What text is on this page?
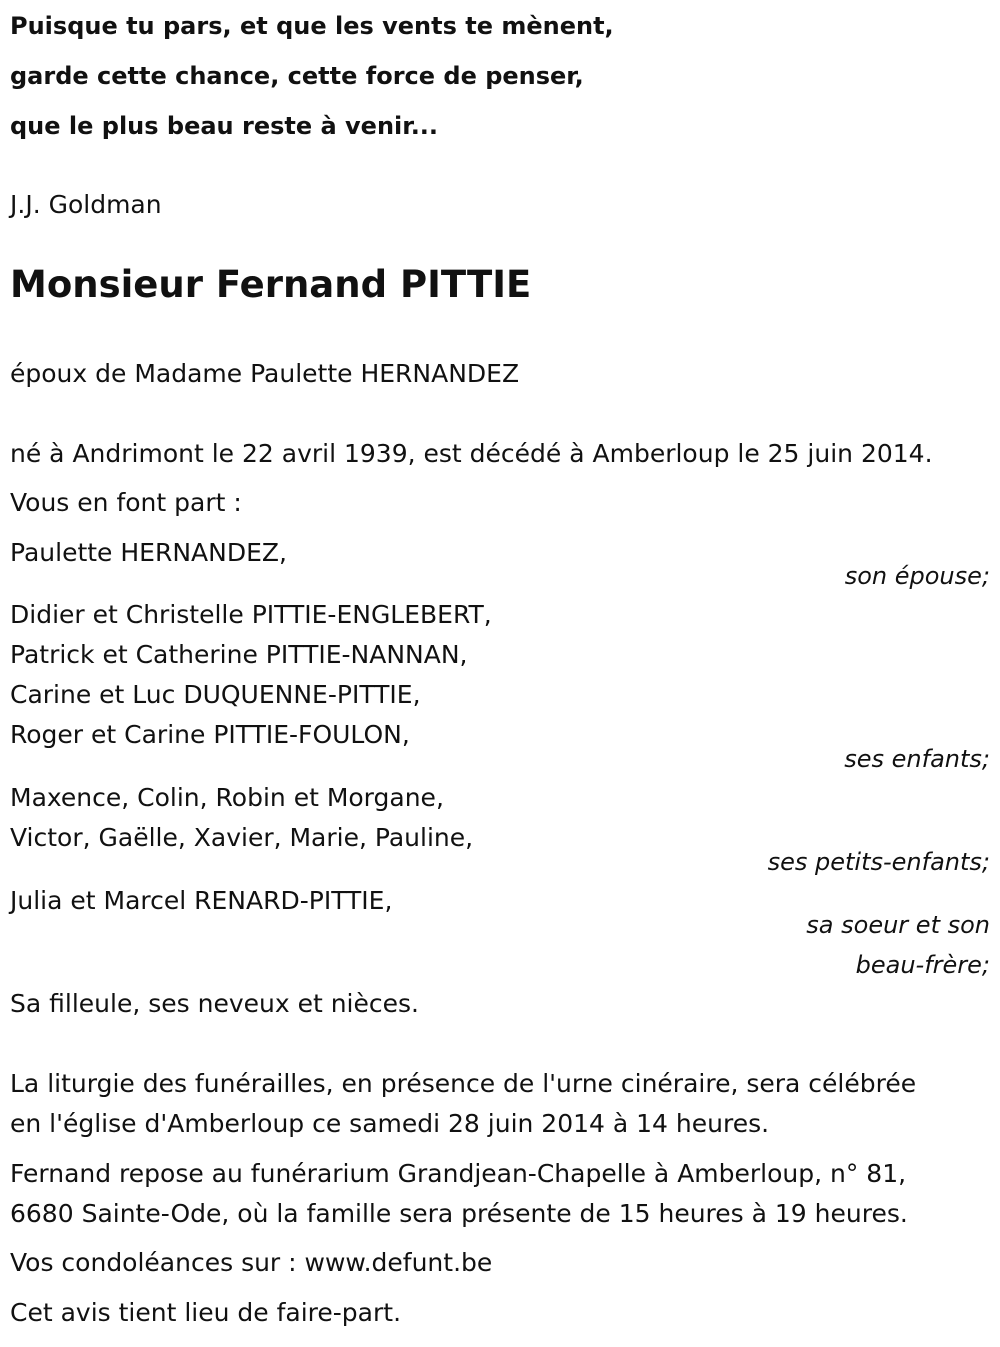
Puisque tu pars, et que les vents te mènent,
garde cette chance, cette force de penser,
que le plus beau reste à venir...
J.J. Goldman
Monsieur Fernand PITTIE
époux de Madame Paulette HERNANDEZ
né à Andrimont le 22 avril 1939, est décédé à Amberloup le 25 juin 2014.
Vous en font part :
Paulette HERNANDEZ,
son épouse;
Didier et Christelle PITTIE-ENGLEBERT,
Patrick et Catherine PITTIE-NANNAN,
Carine et Luc DUQUENNE-PITTIE,
Roger et Carine PITTIE-FOULON,
ses enfants;
Maxence, Colin, Robin et Morgane,
Victor, Gaëlle, Xavier, Marie, Pauline,
ses petits-enfants;
Julia et Marcel RENARD-PITTIE,
sa soeur et son
beau-frère;
Sa filleule, ses neveux et nièces.
La liturgie des funérailles, en présence de l'urne cinéraire, sera célébrée
en l'église d'Amberloup ce samedi 28 juin 2014 à 14 heures.
Fernand repose au funérarium Grandjean-Chapelle à Amberloup, n° 81,
6680 Sainte-Ode, où la famille sera présente de 15 heures à 19 heures.
Vos condoléances sur : www.defunt.be
Cet avis tient lieu de faire-part.
